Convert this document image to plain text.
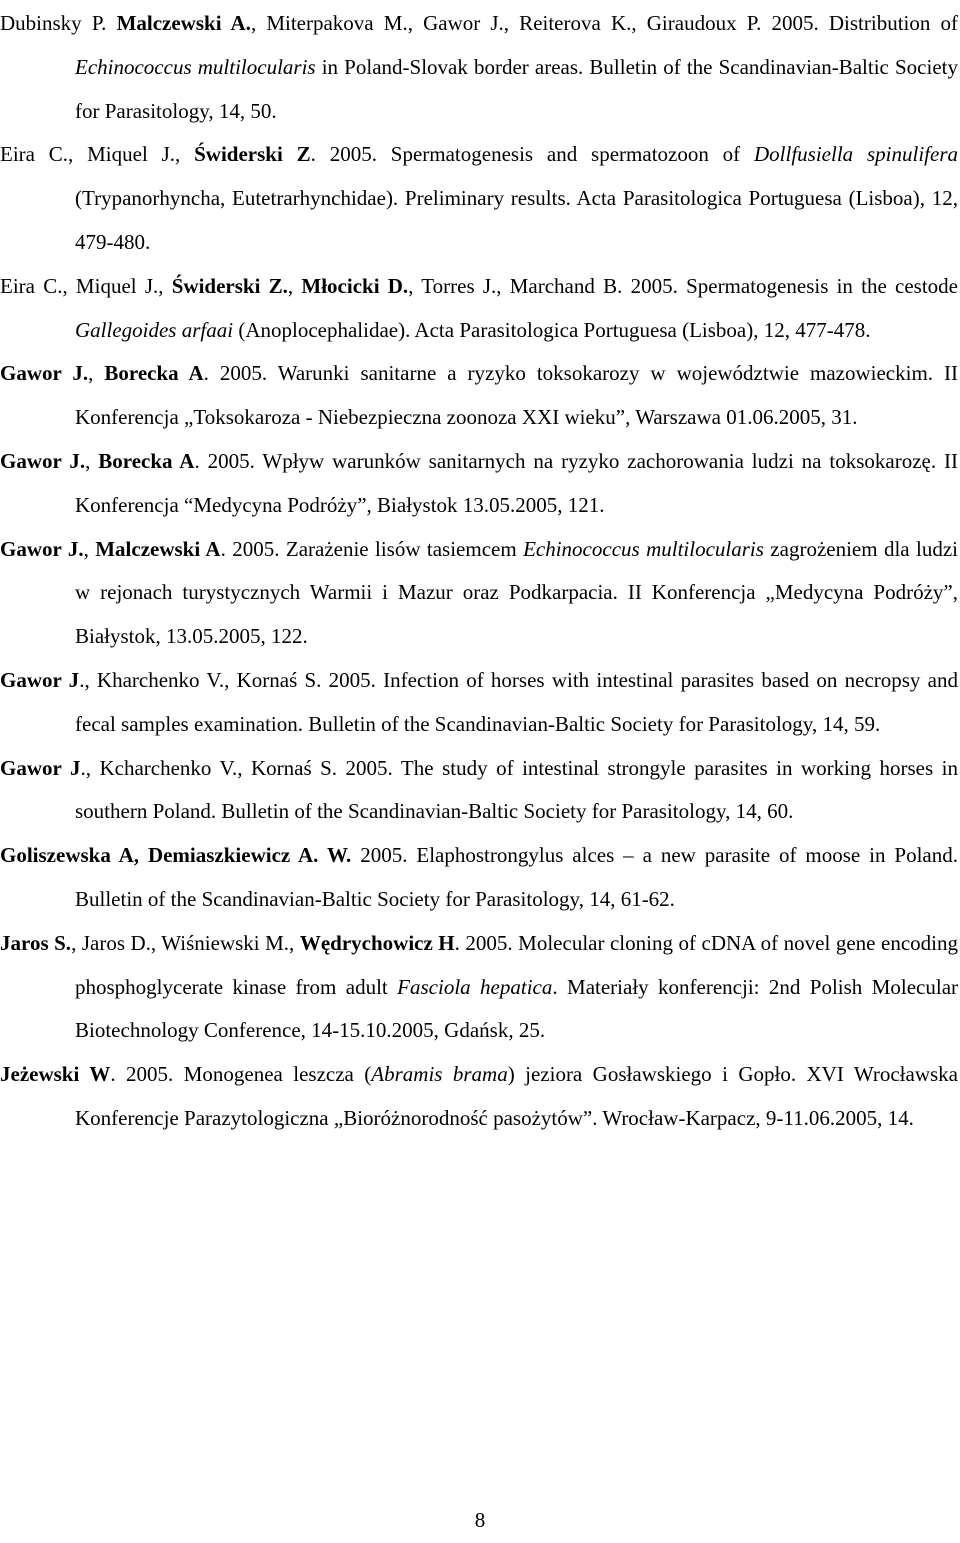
Dubinsky P. Malczewski A., Miterpakova M., Gawor J., Reiterova K., Giraudoux P. 2005. Distribution of Echinococcus multilocularis in Poland-Slovak border areas. Bulletin of the Scandinavian-Baltic Society for Parasitology, 14, 50.

Eira C., Miquel J., Świderski Z. 2005. Spermatogenesis and spermatozoon of Dollfusiella spinulifera (Trypanorhyncha, Eutetrarhynchidae). Preliminary results. Acta Parasitologica Portuguesa (Lisboa), 12, 479-480.

Eira C., Miquel J., Świderski Z., Młocicki D., Torres J., Marchand B. 2005. Spermatogenesis in the cestode Gallegoides arfaai (Anoplocephalidae). Acta Parasitologica Portuguesa (Lisboa), 12, 477-478.

Gawor J., Borecka A. 2005. Warunki sanitarne a ryzyko toksokarozy w województwie mazowieckim. II Konferencja „Toksokaroza - Niebezpieczna zoonoza XXI wieku”, Warszawa 01.06.2005, 31.

Gawor J., Borecka A. 2005. Wpływ warunków sanitarnych na ryzyko zachorowania ludzi na toksokarozę. II Konferencja “Medycyna Podróży”, Białystok 13.05.2005, 121.

Gawor J., Malczewski A. 2005. Zarażenie lisów tasiemcem Echinococcus multilocularis zagrożeniem dla ludzi w rejonach turystycznych Warmii i Mazur oraz Podkarpacia. II Konferencja „Medycyna Podróży”, Białystok, 13.05.2005, 122.

Gawor J., Kharchenko V., Kornaś S. 2005. Infection of horses with intestinal parasites based on necropsy and fecal samples examination. Bulletin of the Scandinavian-Baltic Society for Parasitology, 14, 59.

Gawor J., Kcharchenko V., Kornaś S. 2005. The study of intestinal strongyle parasites in working horses in southern Poland. Bulletin of the Scandinavian-Baltic Society for Parasitology, 14, 60.

Goliszewska A, Demiaszkiewicz A. W. 2005. Elaphostrongylus alces – a new parasite of moose in Poland. Bulletin of the Scandinavian-Baltic Society for Parasitology, 14, 61-62.

Jaros S., Jaros D., Wiśniewski M., Wędrychowicz H. 2005. Molecular cloning of cDNA of novel gene encoding phosphoglycerate kinase from adult Fasciola hepatica. Materiały konferencji: 2nd Polish Molecular Biotechnology Conference, 14-15.10.2005, Gdańsk, 25.

Jeżewski W. 2005. Monogenea leszcza (Abramis brama) jeziora Gosławskiego i Gopło. XVI Wrocławska Konferencje Parazytologiczna „Bioróżnorodność pasożytów”. Wrocław-Karpacz, 9-11.06.2005, 14.

8
